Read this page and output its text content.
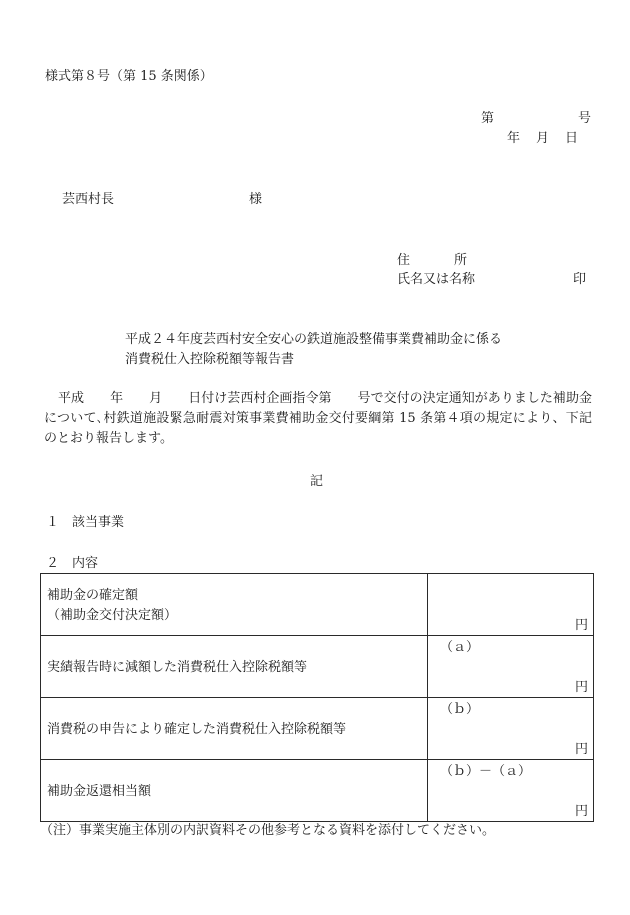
様式第８号（第 15 条関係）
第	号
年 月 日
芸西村長	様
住	所
氏名又は名称	印
平成２４年度芸西村安全安心の鉄道施設整備事業費補助金に係る
消費税仕入控除税額等報告書
平成 年 月 日付け芸西村企画指令第 号で交付の決定通知がありました補助金について､村鉄道施設緊急耐震対策事業費補助金交付要綱第 15 条第４項の規定により、下記のとおり報告します。
記
１　該当事業
２　内容
補助金の確定額
（補助金交付決定額）	円

実績報告時に減額した消費税仕入控除税額等	（ａ）
円

消費税の申告により確定した消費税仕入控除税額等	（ｂ）
円

補助金返還相当額	（ｂ）－（ａ）
円
（注）事業実施主体別の内訳資料その他参考となる資料を添付してください。
